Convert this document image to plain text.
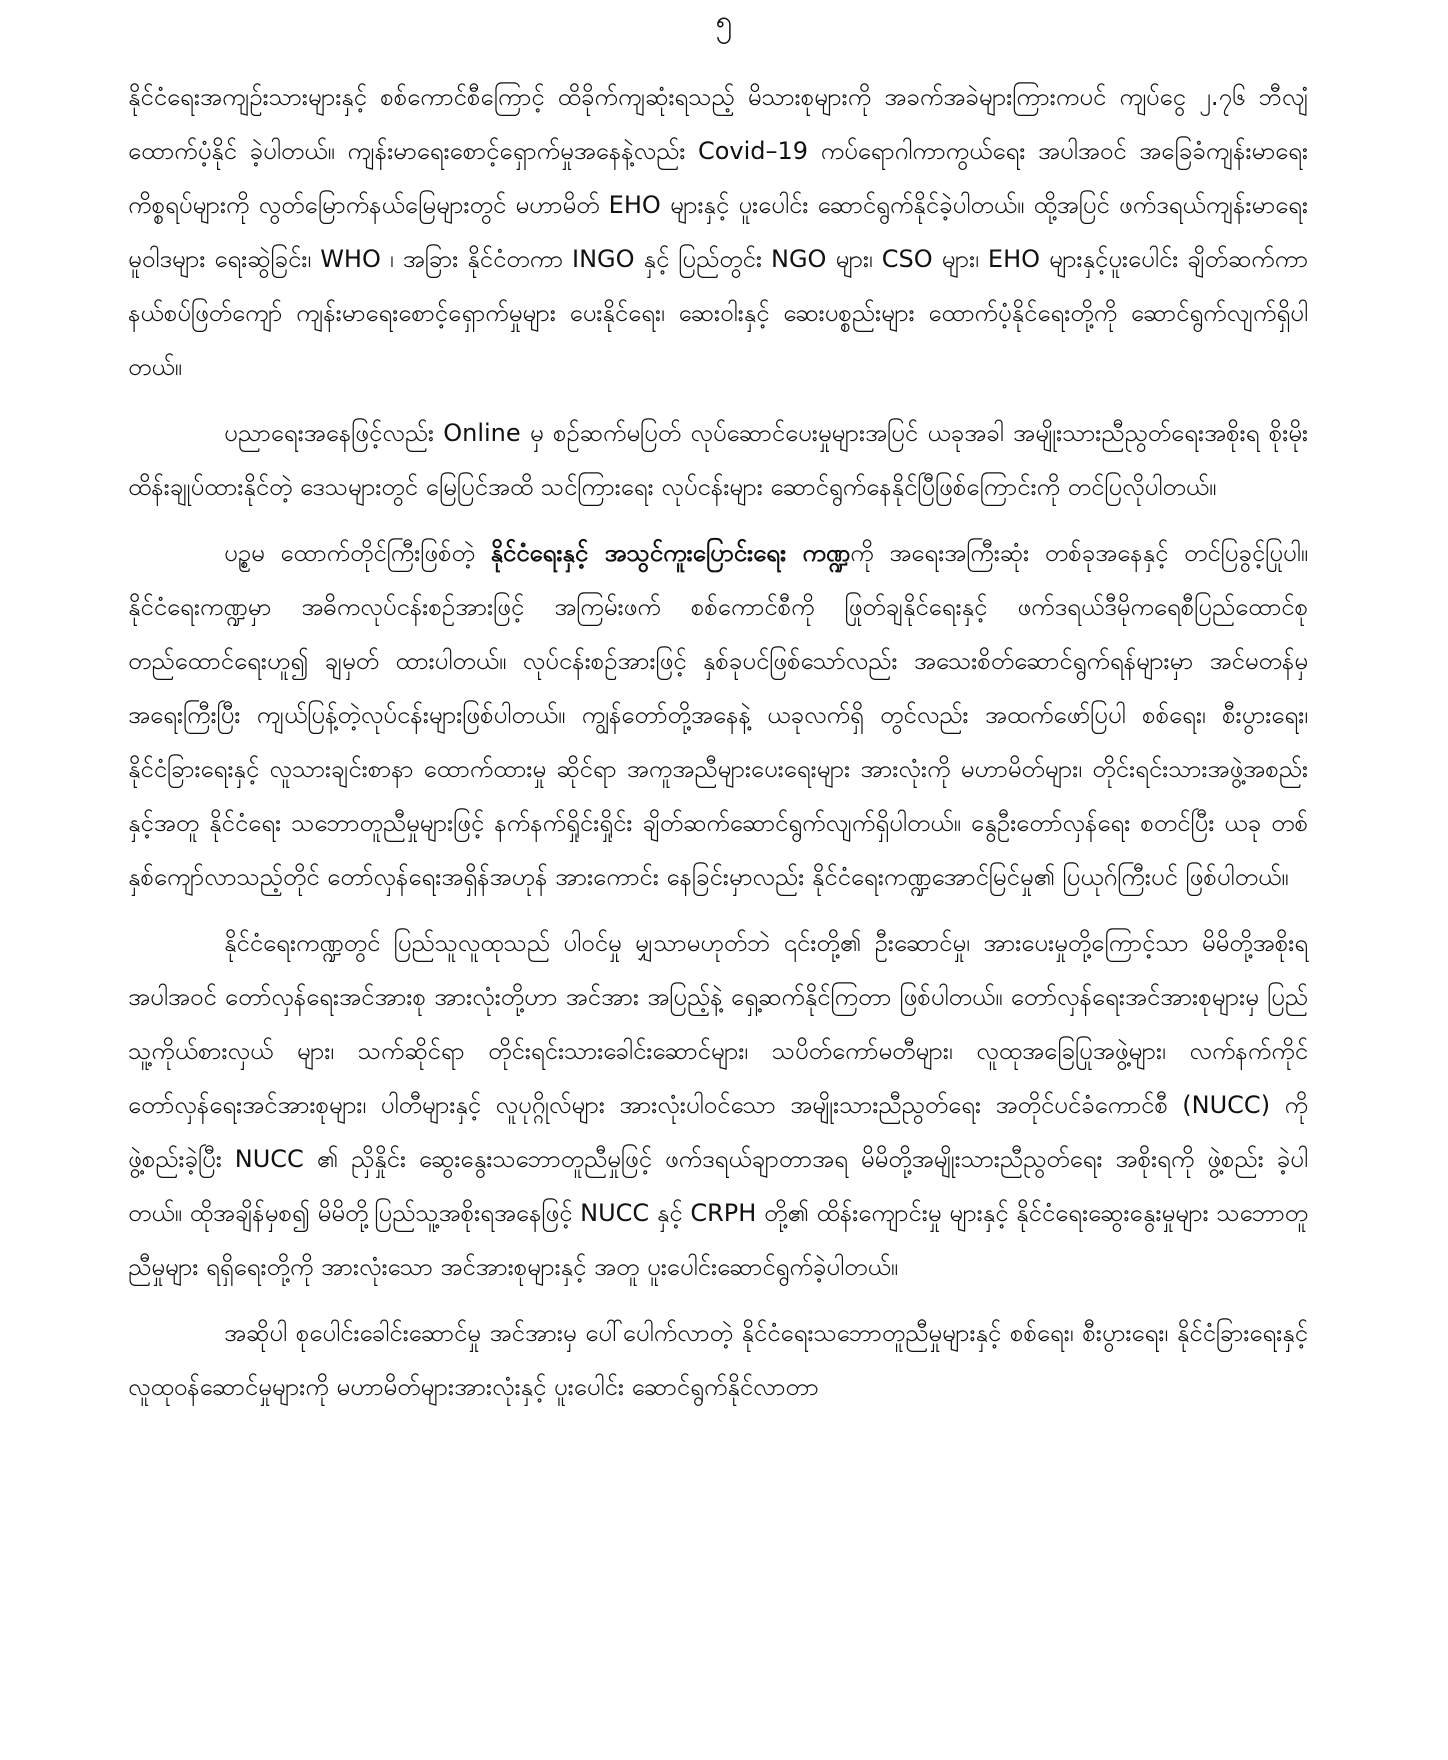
၅

နိုင်ငံရေးအကျဥ်းသားများနှင့် စစ်ကောင်စီကြောင့် ထိခိုက်ကျဆုံးရသည့် မိသားစုများကို အခက်အခဲများကြားကပင် ကျပ်ငွေ ၂.၇၆ ဘီလျံ ထောက်ပံ့နိုင် ခဲ့ပါတယ်။ ကျန်းမာရေးစောင့်ရှောက်မှုအနေနဲ့လည်း Covid–19 ကပ်ရောဂါကာကွယ်ရေး အပါအဝင် အခြေခံကျန်းမာရေးကိစ္စရပ်များကို လွတ်မြောက်နယ်မြေများတွင် မဟာမိတ် EHO များနှင့် ပူးပေါင်း ဆောင်ရွက်နိုင်ခဲ့ပါတယ်။ ထို့အပြင် ဖက်ဒရယ်ကျန်းမာရေး မူဝါဒများ ရေးဆွဲခြင်း၊ WHO ၊ အခြား နိုင်ငံတကာ INGO နှင့် ပြည်တွင်း NGO များ၊ CSO များ၊ EHO များနှင့်ပူးပေါင်း ချိတ်ဆက်ကာ နယ်စပ်ဖြတ်ကျော် ကျန်းမာရေးစောင့်ရှောက်မှုများ ပေးနိုင်ရေး၊ ဆေးဝါးနှင့် ဆေးပစ္စည်းများ ထောက်ပံ့နိုင်ရေးတို့ကို ဆောင်ရွက်လျက်ရှိပါတယ်။

ပညာရေးအနေဖြင့်လည်း Online မှ စဉ်ဆက်မပြတ် လုပ်ဆောင်ပေးမှုများအပြင် ယခုအခါ အမျိုးသားညီညွတ်ရေးအစိုးရ စိုးမိုးထိန်းချုပ်ထားနိုင်တဲ့ ဒေသများတွင် မြေပြင်အထိ သင်ကြားရေး လုပ်ငန်းများ ဆောင်ရွက်နေနိုင်ပြီဖြစ်ကြောင်းကို တင်ပြလိုပါတယ်။

ပဥ္စမ ထောက်တိုင်ကြီးဖြစ်တဲ့ နိုင်ငံရေးနှင့် အသွင်ကူးပြောင်းရေး ကဏ္ဍကို အရေးအကြီးဆုံး တစ်ခုအနေနှင့် တင်ပြခွင့်ပြုပါ။ နိုင်ငံရေးကဏ္ဍမှာ အဓိကလုပ်ငန်းစဉ်အားဖြင့် အကြမ်းဖက် စစ်ကောင်စီကို ဖြုတ်ချနိုင်ရေးနှင့် ဖက်ဒရယ်ဒီမိုကရေစီပြည်ထောင်စု တည်ထောင်ရေးဟူ၍ ချမှတ် ထားပါတယ်။ လုပ်ငန်းစဉ်အားဖြင့် နှစ်ခုပင်ဖြစ်သော်လည်း အသေးစိတ်ဆောင်ရွက်ရန်များမှာ အင်မတန်မှ အရေးကြီးပြီး ကျယ်ပြန့်တဲ့လုပ်ငန်းများဖြစ်ပါတယ်။ ကျွန်တော်တို့အနေနဲ့ ယခုလက်ရှိ တွင်လည်း အထက်ဖော်ပြပါ စစ်ရေး၊ စီးပွားရေး၊ နိုင်ငံခြားရေးနှင့် လူသားချင်းစာနာ ထောက်ထားမှု ဆိုင်ရာ အကူအညီများပေးရေးများ အားလုံးကို မဟာမိတ်များ၊ တိုင်းရင်းသားအဖွဲ့အစည်းနှင့်အတူ နိုင်ငံရေး သဘောတူညီမှုများဖြင့် နက်နက်ရှိုင်းရှိုင်း ချိတ်ဆက်ဆောင်ရွက်လျက်ရှိပါတယ်။ နွေဦးတော်လှန်ရေး စတင်ပြီး ယခု တစ်နှစ်ကျော်လာသည့်တိုင် တော်လှန်ရေးအရှိန်အဟုန် အားကောင်း နေခြင်းမှာလည်း နိုင်ငံရေးကဏ္ဍအောင်မြင်မှု၏ ပြယုဂ်ကြီးပင် ဖြစ်ပါတယ်။

နိုင်ငံရေးကဏ္ဍတွင် ပြည်သူလူထုသည် ပါဝင်မှု မျှသာမဟုတ်ဘဲ ၎င်းတို့၏ ဦးဆောင်မှု၊ အားပေးမှုတို့ကြောင့်သာ မိမိတို့အစိုးရ အပါအဝင် တော်လှန်ရေးအင်အားစု အားလုံးတို့ဟာ အင်အား အပြည့်နဲ့ ရှေ့ဆက်နိုင်ကြတာ ဖြစ်ပါတယ်။ တော်လှန်ရေးအင်အားစုများမှ ပြည်သူ့ကိုယ်စားလှယ် များ၊ သက်ဆိုင်ရာ တိုင်းရင်းသားခေါင်းဆောင်များ၊ သပိတ်ကော်မတီများ၊ လူထုအခြေပြုအဖွဲ့များ၊ လက်နက်ကိုင် တော်လှန်ရေးအင်အားစုများ၊ ပါတီများနှင့် လူပုဂ္ဂိုလ်များ အားလုံးပါဝင်သော အမျိုးသားညီညွတ်ရေး အတိုင်ပင်ခံကောင်စီ (NUCC) ကို ဖွဲ့စည်းခဲ့ပြီး NUCC ၏ ညှိနှိုင်း ဆွေးနွေးသဘောတူညီမှုဖြင့် ဖက်ဒရယ်ချာတာအရ မိမိတို့အမျိုးသားညီညွတ်ရေး အစိုးရကို ဖွဲ့စည်း ခဲ့ပါတယ်။ ထိုအချိန်မှစ၍ မိမိတို့ပြည်သူ့အစိုးရအနေဖြင့် NUCC နှင့် CRPH တို့၏ ထိန်းကျောင်းမှု များနှင့် နိုင်ငံရေးဆွေးနွေးမှုများ သဘောတူညီမှုများ ရရှိရေးတို့ကို အားလုံးသော အင်အားစုများနှင့် အတူ ပူးပေါင်းဆောင်ရွက်ခဲ့ပါတယ်။

အဆိုပါ စုပေါင်းခေါင်းဆောင်မှု အင်အားမှ ပေါ်ပေါက်လာတဲ့ နိုင်ငံရေးသဘောတူညီမှုများနှင့် စစ်ရေး၊ စီးပွားရေး၊ နိုင်ငံခြားရေးနှင့် လူထုဝန်ဆောင်မှုများကို မဟာမိတ်များအားလုံးနှင့် ပူးပေါင်း ဆောင်ရွက်နိုင်လာတာ
